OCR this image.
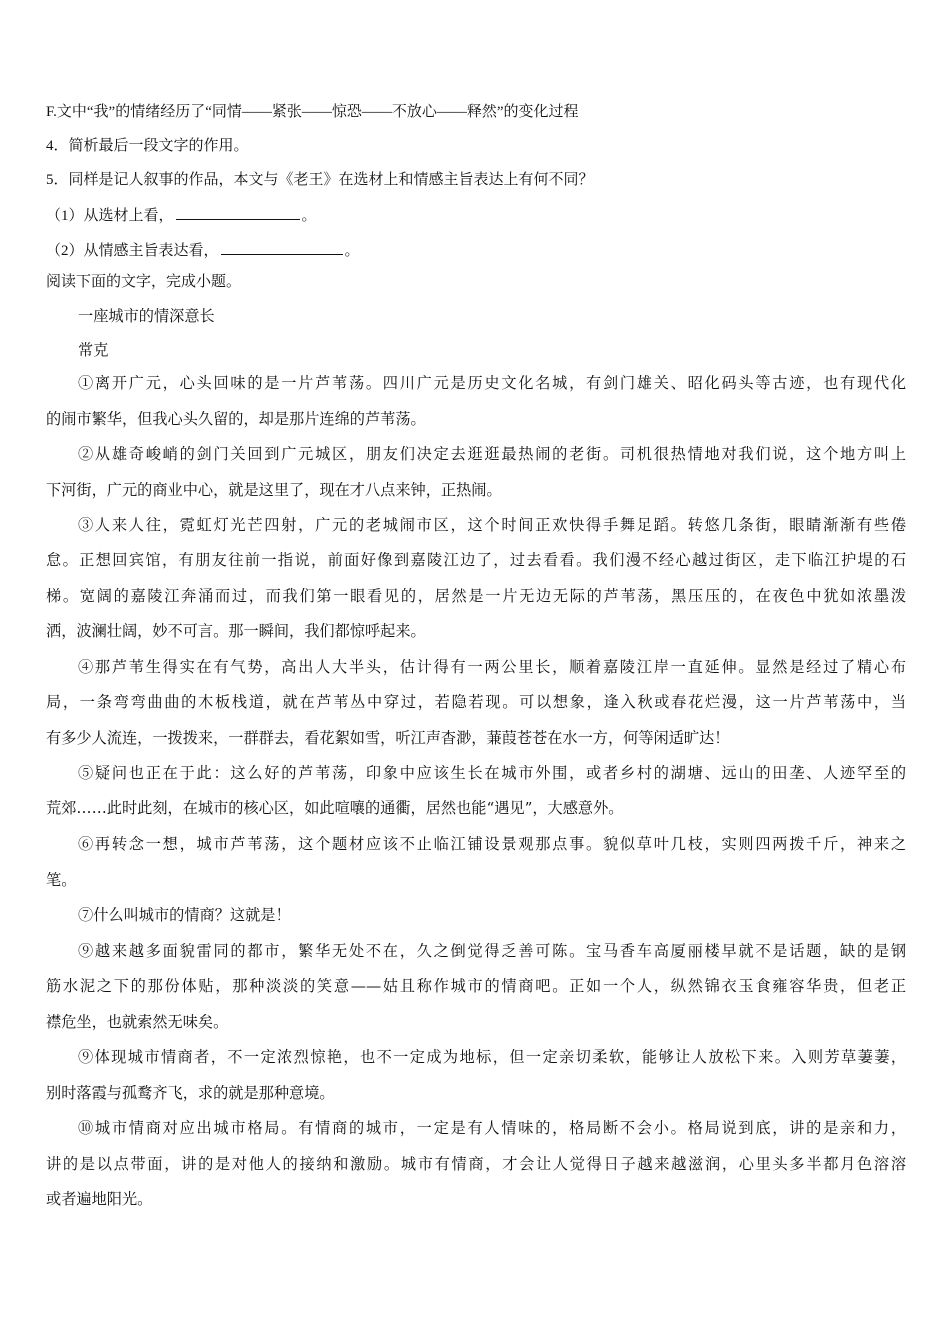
F.文中“我”的情绪经历了“同情——紧张——惊恐——不放心——释然”的变化过程
4．简析最后一段文字的作用。
5．同样是记人叙事的作品，本文与《老王》在选材上和情感主旨表达上有何不同？
（1）从选材上看，	。
（2）从情感主旨表达看，	。
阅读下面的文字，完成小题。
一座城市的情深意长
常克
①离开广元，心头回味的是一片芦苇荡。四川广元是历史文化名城，有剑门雄关、昭化码头等古迹，也有现代化
的闹市繁华，但我心头久留的，却是那片连绵的芦苇荡。
②从雄奇峻峭的剑门关回到广元城区，朋友们决定去逛逛最热闹的老街。司机很热情地对我们说，这个地方叫上
下河街，广元的商业中心，就是这里了，现在才八点来钟，正热闹。
③人来人往，霓虹灯光芒四射，广元的老城闹市区，这个时间正欢快得手舞足蹈。转悠几条街，眼睛渐渐有些倦
怠。正想回宾馆，有朋友往前一指说，前面好像到嘉陵江边了，过去看看。我们漫不经心越过街区，走下临江护堤的石
梯。宽阔的嘉陵江奔涌而过，而我们第一眼看见的，居然是一片无边无际的芦苇荡，黑压压的，在夜色中犹如浓墨泼
洒，波澜壮阔，妙不可言。那一瞬间，我们都惊呼起来。
④那芦苇生得实在有气势，高出人大半头，估计得有一两公里长，顺着嘉陵江岸一直延伸。显然是经过了精心布
局，一条弯弯曲曲的木板栈道，就在芦苇丛中穿过，若隐若现。可以想象，逢入秋或春花烂漫，这一片芦苇荡中，当
有多少人流连，一拨拨来，一群群去，看花絮如雪，听江声杳渺，蒹葭苍苍在水一方，何等闲适旷达！
⑤疑问也正在于此：这么好的芦苇荡，印象中应该生长在城市外围，或者乡村的湖塘、远山的田垄、人迹罕至的
荒郊……此时此刻，在城市的核心区，如此喧嚷的通衢，居然也能“遇见”，大感意外。
⑥再转念一想，城市芦苇荡，这个题材应该不止临江铺设景观那点事。貌似草叶几枝，实则四两拨千斤，神来之
笔。
⑦什么叫城市的情商？这就是！
⑨越来越多面貌雷同的都市，繁华无处不在，久之倒觉得乏善可陈。宝马香车高厦丽楼早就不是话题，缺的是钢
筋水泥之下的那份体贴，那种淡淡的笑意——姑且称作城市的情商吧。正如一个人，纵然锦衣玉食雍容华贵，但老正
襟危坐，也就索然无味矣。
⑨体现城市情商者，不一定浓烈惊艳，也不一定成为地标，但一定亲切柔软，能够让人放松下来。入则芳草萋萋，
别时落霞与孤鹜齐飞，求的就是那种意境。
⑩城市情商对应出城市格局。有情商的城市，一定是有人情味的，格局断不会小。格局说到底，讲的是亲和力，
讲的是以点带面，讲的是对他人的接纳和激励。城市有情商，才会让人觉得日子越来越滋润，心里头多半都月色溶溶
或者遍地阳光。
